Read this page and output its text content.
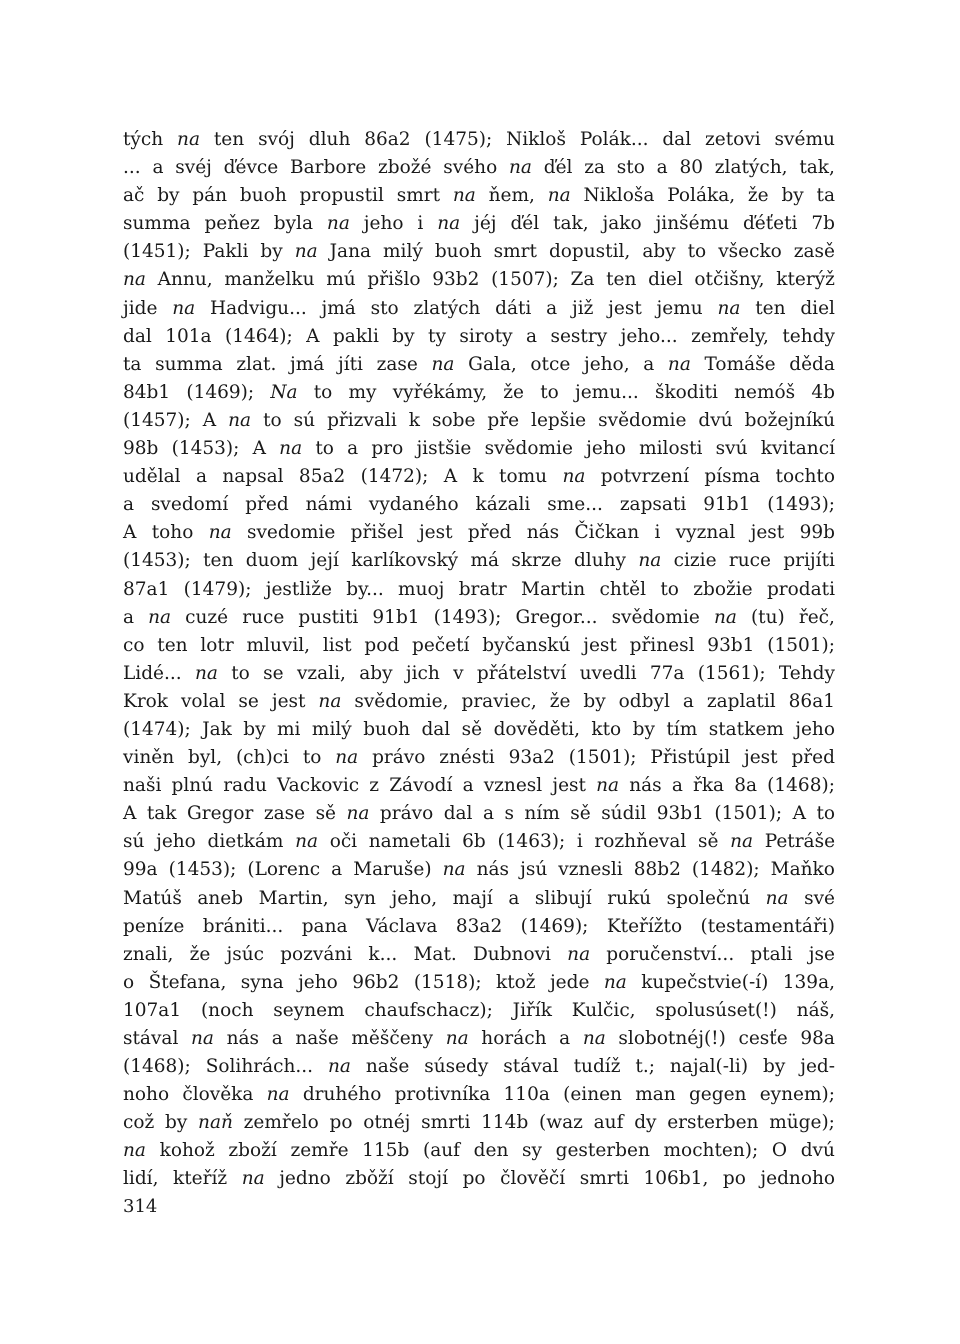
tých na ten svój dluh 86a2 (1475); Nikloš Polák... dal zetovi svému
... a svéj ďévce Barbore zbožé svého na ďél za sto a 80 zlatých, tak,
ač by pán buoh propustil smrt na ňem, na Nikloša Poláka, že by ta
summa peňez byla na jeho i na jéj ďél tak, jako jinšému ďéťeti 7b
(1451); Pakli by na Jana milý buoh smrt dopustil, aby to všecko zasě
na Annu, manželku mú přišlo 93b2 (1507); Za ten diel otčišny, kterýž
jide na Hadvigu... jmá sto zlatých dáti a již jest jemu na ten diel
dal 101a (1464); A pakli by ty siroty a sestry jeho... zemřely, tehdy
ta summa zlat. jmá jíti zase na Gala, otce jeho, a na Tomáše děda
84b1 (1469); Na to my vyřékámy, že to jemu... škoditi nemóš 4b
(1457); A na to sú přizvali k sobe pře lepšie svědomie dvú božejníkú
98b (1453); A na to a pro jistšie svědomie jeho milosti svú kvitancí
udělal a napsal 85a2 (1472); A k tomu na potvrzení písma tochto
a svedomí před námi vydaného kázali sme... zapsati 91b1 (1493);
A toho na svedomie přišel jest před nás Čičkan i vyznal jest 99b
(1453); ten duom její karlíkovský má skrze dluhy na cizie ruce prijíti
87a1 (1479); jestliže by... muoj bratr Martin chtěl to zbožie prodati
a na cuzé ruce pustiti 91b1 (1493); Gregor... svědomie na (tu) řeč,
co ten lotr mluvil, list pod pečetí byčanskú jest přinesl 93b1 (1501);
Lidé... na to se vzali, aby jich v přátelství uvedli 77a (1561); Tehdy
Krok volal se jest na svědomie, praviec, že by odbyl a zaplatil 86a1
(1474); Jak by mi milý buoh dal sě dověděti, kto by tím statkem jeho
viněn byl, (ch)ci to na právo znésti 93a2 (1501); Přistúpil jest před
naši plnú radu Vackovic z Závodí a vznesl jest na nás a řka 8a (1468);
A tak Gregor zase sě na právo dal a s ním sě súdil 93b1 (1501); A to
sú jeho dietkám na oči nametali 6b (1463); i rozhňeval sě na Petráše
99a (1453); (Lorenc a Maruše) na nás jsú vznesli 88b2 (1482); Maňko
Matúš aneb Martin, syn jeho, mají a slibují rukú společnú na své
peníze brániti... pana Václava 83a2 (1469); Kteřížto (testamentáři)
znali, že jsúc pozváni k... Mat. Dubnovi na poručenství... ptali jse
o Štefana, syna jeho 96b2 (1518); ktož jede na kupečstvie(-í) 139a,
107a1 (noch seynem chaufschacz); Jiřík Kulčic, spolusúset(!) náš,
stával na nás a naše měščeny na horách a na slobotnéj(!) cesťe 98a
(1468); Solihrách... na naše súsedy stával tudíž t.; najal(-li) by jed-
noho člověka na druhého protivníka 110a (einen man gegen eynem);
což by naň zemřelo po otnéj smrti 114b (waz auf dy ersterben müge);
na kohož zboží zemře 115b (auf den sy gesterben mochten); O dvú
lidí, kteříž na jedno zbǒží stojí po člověčí smrti 106b1, po jednoho
314
